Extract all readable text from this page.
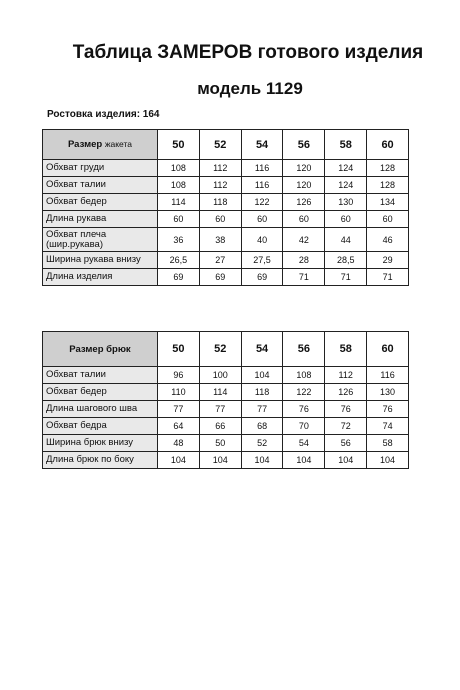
Таблица ЗАМЕРОВ готового изделия
модель 1129
Ростовка изделия: 164
Размер жакета	50	52	54	56	58	60
Обхват груди	108	112	116	120	124	128
Обхват талии	108	112	116	120	124	128
Обхват бедер	114	118	122	126	130	134
Длина рукава	60	60	60	60	60	60
Обхват плеча (шир.рукава)	36	38	40	42	44	46
Ширина рукава внизу	26,5	27	27,5	28	28,5	29
Длина изделия	69	69	69	71	71	71
Размер брюк	50	52	54	56	58	60
Обхват талии	96	100	104	108	112	116
Обхват бедер	110	114	118	122	126	130
Длина шагового шва	77	77	77	76	76	76
Обхват бедра	64	66	68	70	72	74
Ширина брюк внизу	48	50	52	54	56	58
Длина брюк по боку	104	104	104	104	104	104
